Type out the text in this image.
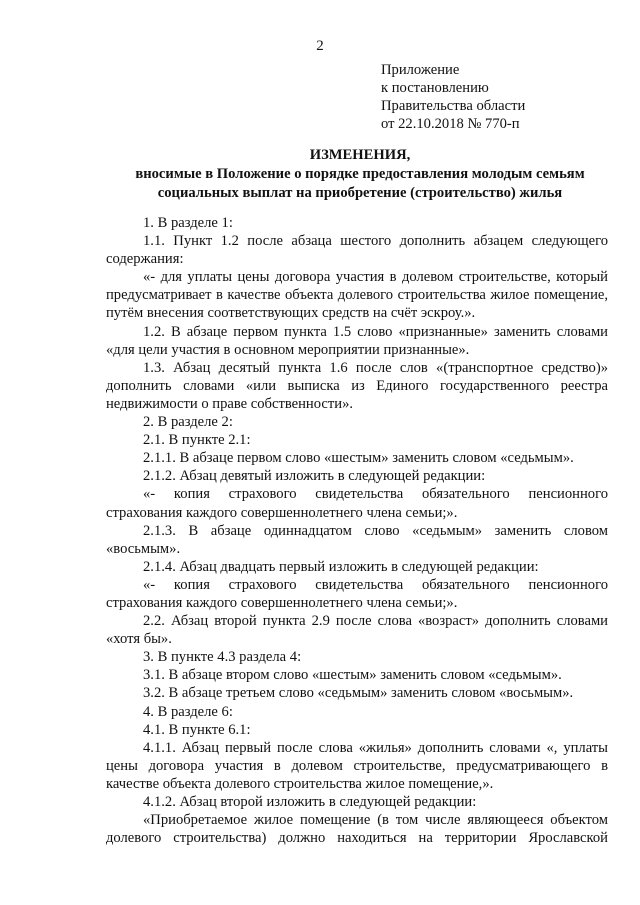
2
Приложение
к постановлению
Правительства области
от 22.10.2018 № 770-п
ИЗМЕНЕНИЯ,
вносимые в Положение о порядке предоставления молодым семьям
социальных выплат на приобретение (строительство) жилья

1. В разделе 1:

1.1. Пункт 1.2 после абзаца шестого дополнить абзацем следующего содержания:

«- для уплаты цены договора участия в долевом строительстве, который предусматривает в качестве объекта долевого строительства жилое помещение, путём внесения соответствующих средств на счёт эскроу.».

1.2. В абзаце первом пункта 1.5 слово «признанные» заменить словами «для цели участия в основном мероприятии признанные».

1.3. Абзац десятый пункта 1.6 после слов «(транспортное средство)» дополнить словами «или выписка из Единого государственного реестра недвижимости о праве собственности».

2. В разделе 2:

2.1. В пункте 2.1:

2.1.1. В абзаце первом слово «шестым» заменить словом «седьмым».

2.1.2. Абзац девятый изложить в следующей редакции:

«- копия страхового свидетельства обязательного пенсионного страхования каждого совершеннолетнего члена семьи;».

2.1.3. В абзаце одиннадцатом слово «седьмым» заменить словом «восьмым».

2.1.4. Абзац двадцать первый изложить в следующей редакции:

«- копия страхового свидетельства обязательного пенсионного страхования каждого совершеннолетнего члена семьи;».

2.2. Абзац второй пункта 2.9 после слова «возраст» дополнить словами «хотя бы».

3. В пункте 4.3 раздела 4:

3.1. В абзаце втором слово «шестым» заменить словом «седьмым».

3.2. В абзаце третьем слово «седьмым» заменить словом «восьмым».

4. В разделе 6:

4.1. В пункте 6.1:

4.1.1. Абзац первый после слова «жилья» дополнить словами «, уплаты цены договора участия в долевом строительстве, предусматривающего в качестве объекта долевого строительства жилое помещение,».

4.1.2. Абзац второй изложить в следующей редакции:

«Приобретаемое жилое помещение (в том числе являющееся объектом долевого строительства) должно находиться на территории Ярославской
